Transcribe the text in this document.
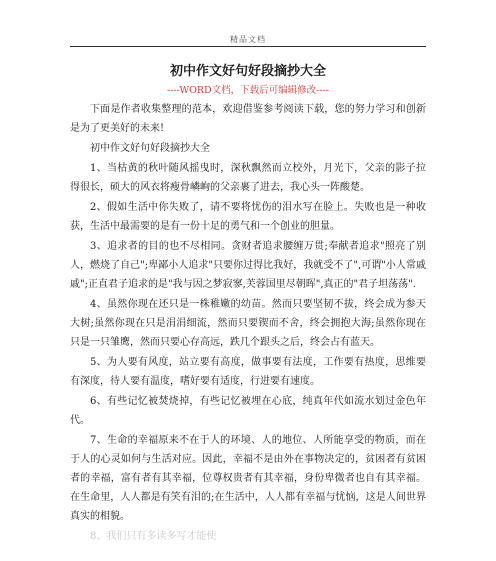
精品文档

初中作文好句好段摘抄大全

----WORD文档，下载后可编辑修改----

下面是作者收集整理的范本，欢迎借鉴参考阅读下载，您的努力学习和创新是为了更美好的未来!

初中作文好句好段摘抄大全

1、当枯黄的秋叶随风摇曳时，深秋飘然而立校外，月光下，父亲的影子拉得很长，硕大的风衣将瘦骨嶙峋的父亲裹了进去，我心头一阵酸楚。

2、假如生活中你失败了，请不要将忧伤的泪水写在脸上。失败也是一种收获，生活中最需要的是有一份十足的勇气和一个创业的胆量。

3、追求者的目的也不尽相同。贪财者追求腰缠万贯;奉献者追求"照亮了别人，燃烧了自己";卑鄙小人追求"只要你过得比我好，我就受不了",可谓"小人常戚戚";正直君子追求的是"我与因之梦寂寥,芙蓉国里尽朝晖",真正的"君子坦荡荡".

4、虽然你现在还只是一株稚嫩的幼苗。然而只要坚韧不拔，终会成为参天大树;虽然你现在只是涓涓细流，然而只要锲而不舍，终会拥抱大海;虽然你现在只是一只雏鹰，然而只要心存高远，跌几个跟头之后，终会占有蓝天。

5、为人要有风度，站立要有高度，做事要有法度，工作要有热度，思维要有深度，待人要有温度，嗜好要有适度，行进要有速度。

6、有些记忆被焚烧掉，有些记忆被埋在心底，纯真年代如流水划过金色年代。

7、生命的幸福原来不在于人的环境、人的地位、人所能享受的物质，而在于人的心灵如何与生活对应。因此，幸福不是由外在事物决定的，贫困者有贫困者的幸福，富有者有其幸福，位尊权贵者有其幸福，身份卑微者也自有其幸福。在生命里，人人都是有笑有泪的;在生活中，人人都有幸福与忧恼，这是人间世界真实的相貌。

8、我们只有多读多写才能使
